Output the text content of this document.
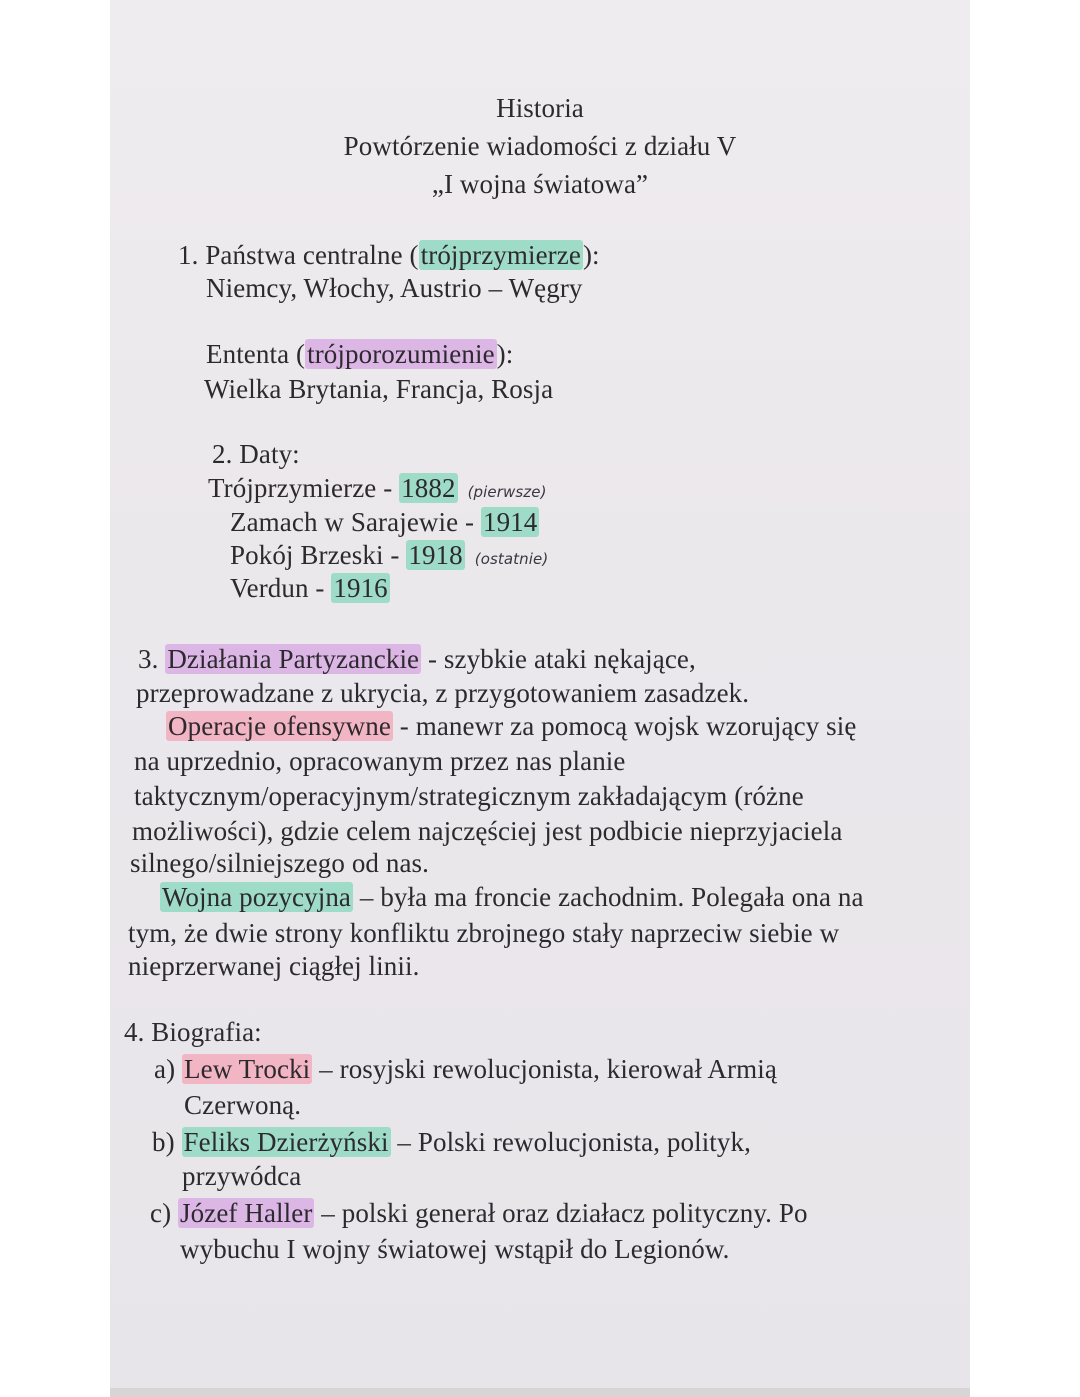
Historia
Powtórzenie wiadomości z działu V
„I wojna światowa”
1. Państwa centralne (trójprzymierze):
Niemcy, Włochy, Austrio – Węgry
Ententa (trójporozumienie):
Wielka Brytania, Francja, Rosja
2. Daty:
Trójprzymierze - 1882 (pierwsze)
Zamach w Sarajewie - 1914
Pokój Brzeski - 1918 (ostatnie)
Verdun - 1916
3. Działania Partyzanckie - szybkie ataki nękające,
przeprowadzane z ukrycia, z przygotowaniem zasadzek.
Operacje ofensywne - manewr za pomocą wojsk wzorujący się
na uprzednio, opracowanym przez nas planie
taktycznym/operacyjnym/strategicznym zakładającym (różne
możliwości), gdzie celem najczęściej jest podbicie nieprzyjaciela
silnego/silniejszego od nas.
Wojna pozycyjna – była ma froncie zachodnim. Polegała ona na
tym, że dwie strony konfliktu zbrojnego stały naprzeciw siebie w
nieprzerwanej ciągłej linii.
4. Biografia:
a) Lew Trocki – rosyjski rewolucjonista, kierował Armią
Czerwoną.
b) Feliks Dzierżyński – Polski rewolucjonista, polityk,
przywódca
c) Józef Haller – polski generał oraz działacz polityczny. Po
wybuchu I wojny światowej wstąpił do Legionów.
